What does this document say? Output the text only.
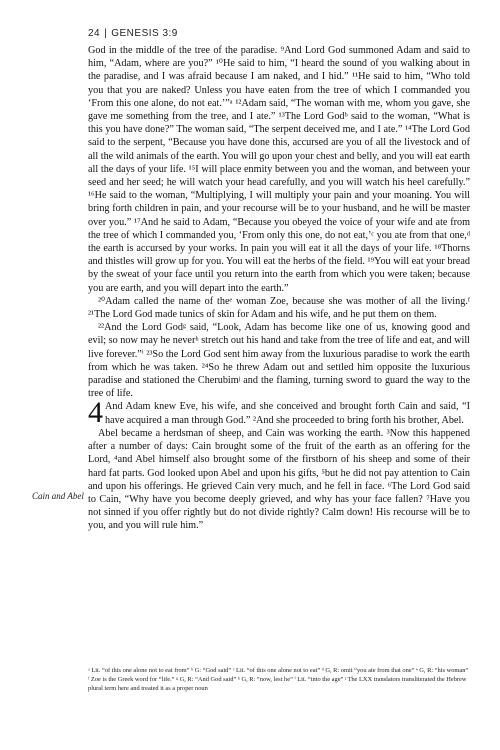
24 | GENESIS 3:9
Cain and Abel

God in the middle of the tree of the paradise. ⁹And Lord God summoned Adam and said to him, “Adam, where are you?” ¹⁰He said to him, “I heard the sound of you walking about in the paradise, and I was afraid because I am naked, and I hid.” ¹¹He said to him, “Who told you that you are naked? Unless you have eaten from the tree of which I commanded you ‘From this one alone, do not eat.’”ᵃ ¹²Adam said, “The woman with me, whom you gave, she gave me something from the tree, and I ate.” ¹³The Lord Godᵇ said to the woman, “What is this you have done?” The woman said, “The serpent deceived me, and I ate.” ¹⁴The Lord God said to the serpent, “Because you have done this, accursed are you of all the livestock and of all the wild animals of the earth. You will go upon your chest and belly, and you will eat earth all the days of your life. ¹⁵I will place enmity between you and the woman, and between your seed and her seed; he will watch your head carefully, and you will watch his heel carefully.” ¹⁶He said to the woman, “Multiplying, I will multiply your pain and your moaning. You will bring forth children in pain, and your recourse will be to your husband, and he will be master over you.” ¹⁷And he said to Adam, “Because you obeyed the voice of your wife and ate from the tree of which I commanded you, ‘From only this one, do not eat,’ᶜ you ate from that one,ᵈ the earth is accursed by your works. In pain you will eat it all the days of your life. ¹⁸Thorns and thistles will grow up for you. You will eat the herbs of the field. ¹⁹You will eat your bread by the sweat of your face until you return into the earth from which you were taken; because you are earth, and you will depart into the earth.”

²⁰Adam called the name of theᵉ woman Zoe, because she was mother of all the living.ᶠ ²¹The Lord God made tunics of skin for Adam and his wife, and he put them on them.

²²And the Lord Godᵍ said, “Look, Adam has become like one of us, knowing good and evil; so now may he neverʰ stretch out his hand and take from the tree of life and eat, and will live forever.”ⁱ ²³So the Lord God sent him away from the luxurious paradise to work the earth from which he was taken. ²⁴So he threw Adam out and settled him opposite the luxurious paradise and stationed the Cherubimʲ and the flaming, turning sword to guard the way to the tree of life.

4 And Adam knew Eve, his wife, and she conceived and brought forth Cain and said, “I have acquired a man through God.” ²And she proceeded to bring forth his brother, Abel.

Abel became a herdsman of sheep, and Cain was working the earth. ³Now this happened after a number of days: Cain brought some of the fruit of the earth as an offering for the Lord, ⁴and Abel himself also brought some of the firstborn of his sheep and some of their hard fat parts. God looked upon Abel and upon his gifts, ⁵but he did not pay attention to Cain and upon his offerings. He grieved Cain very much, and he fell in face. ⁶The Lord God said to Cain, “Why have you become deeply grieved, and why has your face fallen? ⁷Have you not sinned if you offer rightly but do not divide rightly? Calm down! His recourse will be to you, and you will rule him.”

ᵃ Lit. “of this one alone not to eat from” ᵇ G: “God said” ᶜ Lit. “of this one alone not to eat” ᵈ G, R: omit “you ate from that one” ᵉ G, R: “his woman” ᶠ Zoe is the Greek word for “life.” ᵍ G, R: “And God said” ʰ G, R: “now, lest he” ⁱ Lit. “into the age” ʲ The LXX translators transliterated the Hebrew plural term here and treated it as a proper noun
